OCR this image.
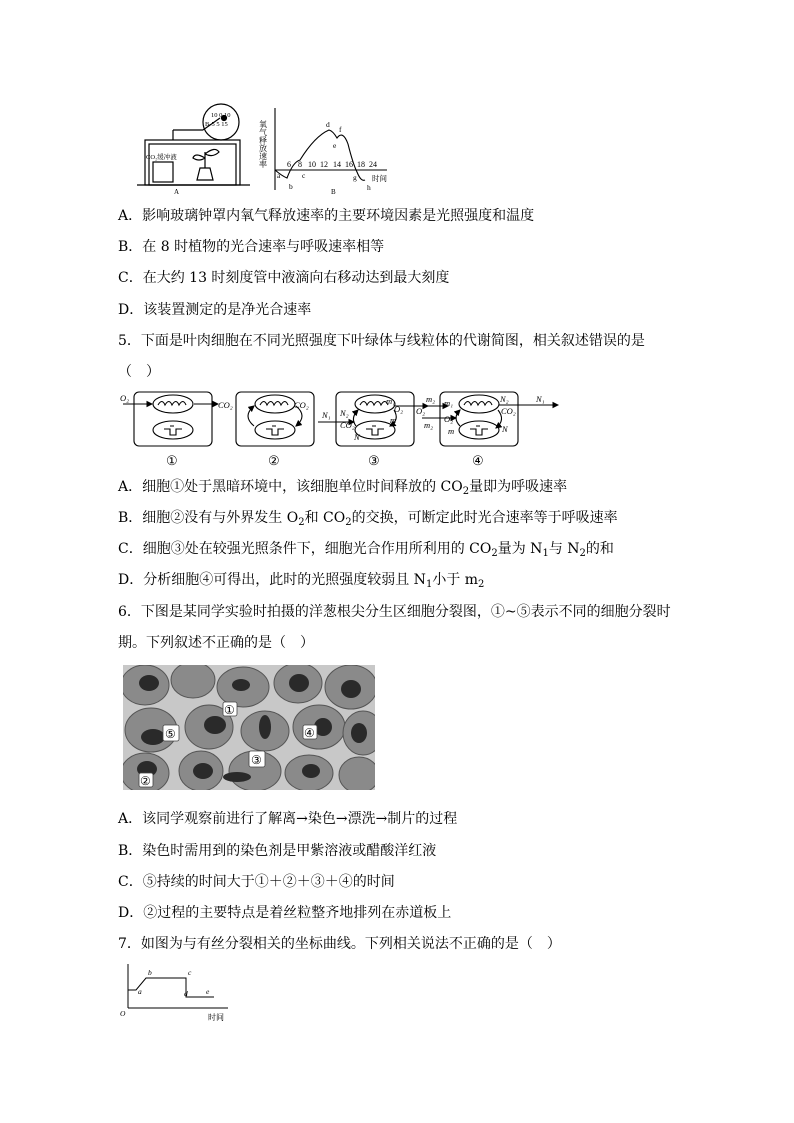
10 0 10
B‑5 5 15
CO₂缓冲液
A
氧气释放速率
时间
6 8 10 12 14 16 18 24
a
b
c
d
e
f
g
h
B
A．影响玻璃钟罩内氧气释放速率的主要环境因素是光照强度和温度
B．在 8 时植物的光合速率与呼吸速率相等
C．在大约 13 时刻度管中液滴向右移动达到最大刻度
D．该装置测定的是净光合速率
5．下面是叶肉细胞在不同光照强度下叶绿体与线粒体的代谢简图，相关叙述错误的是
（　）
O₂
CO₂	CO₂
N₂
m₁
O₂
N₁
CO₂	m
N
m₂
O₂
m₂
m₁
O₂
m
N₂
CO₂
N
N₁
①	②	③	④
A．细胞①处于黑暗环境中，该细胞单位时间释放的 $CO_2$量即为呼吸速率
B．细胞②没有与外界发生 $O_2$和 $CO_2$的交换，可断定此时光合速率等于呼吸速率
C．细胞③处在较强光照条件下，细胞光合作用所利用的 $CO_2$量为 $N_1$与 $N_2$的和
D．分析细胞④可得出，此时的光照强度较弱且 $N_1$小于 $m_2$
6．下图是某同学实验时拍摄的洋葱根尖分生区细胞分裂图，①~⑤表示不同的细胞分裂时
期。下列叙述不正确的是（　）
①
⑤
③
④
②
A．该同学观察前进行了解离→染色→漂洗→制片的过程
B．染色时需用到的染色剂是甲紫溶液或醋酸洋红液
C．⑤持续的时间大于①＋②＋③＋④的时间
D．②过程的主要特点是着丝粒整齐地排列在赤道板上
7．如图为与有丝分裂相关的坐标曲线。下列相关说法不正确的是（　）
O
a
b	c
d e
时间
